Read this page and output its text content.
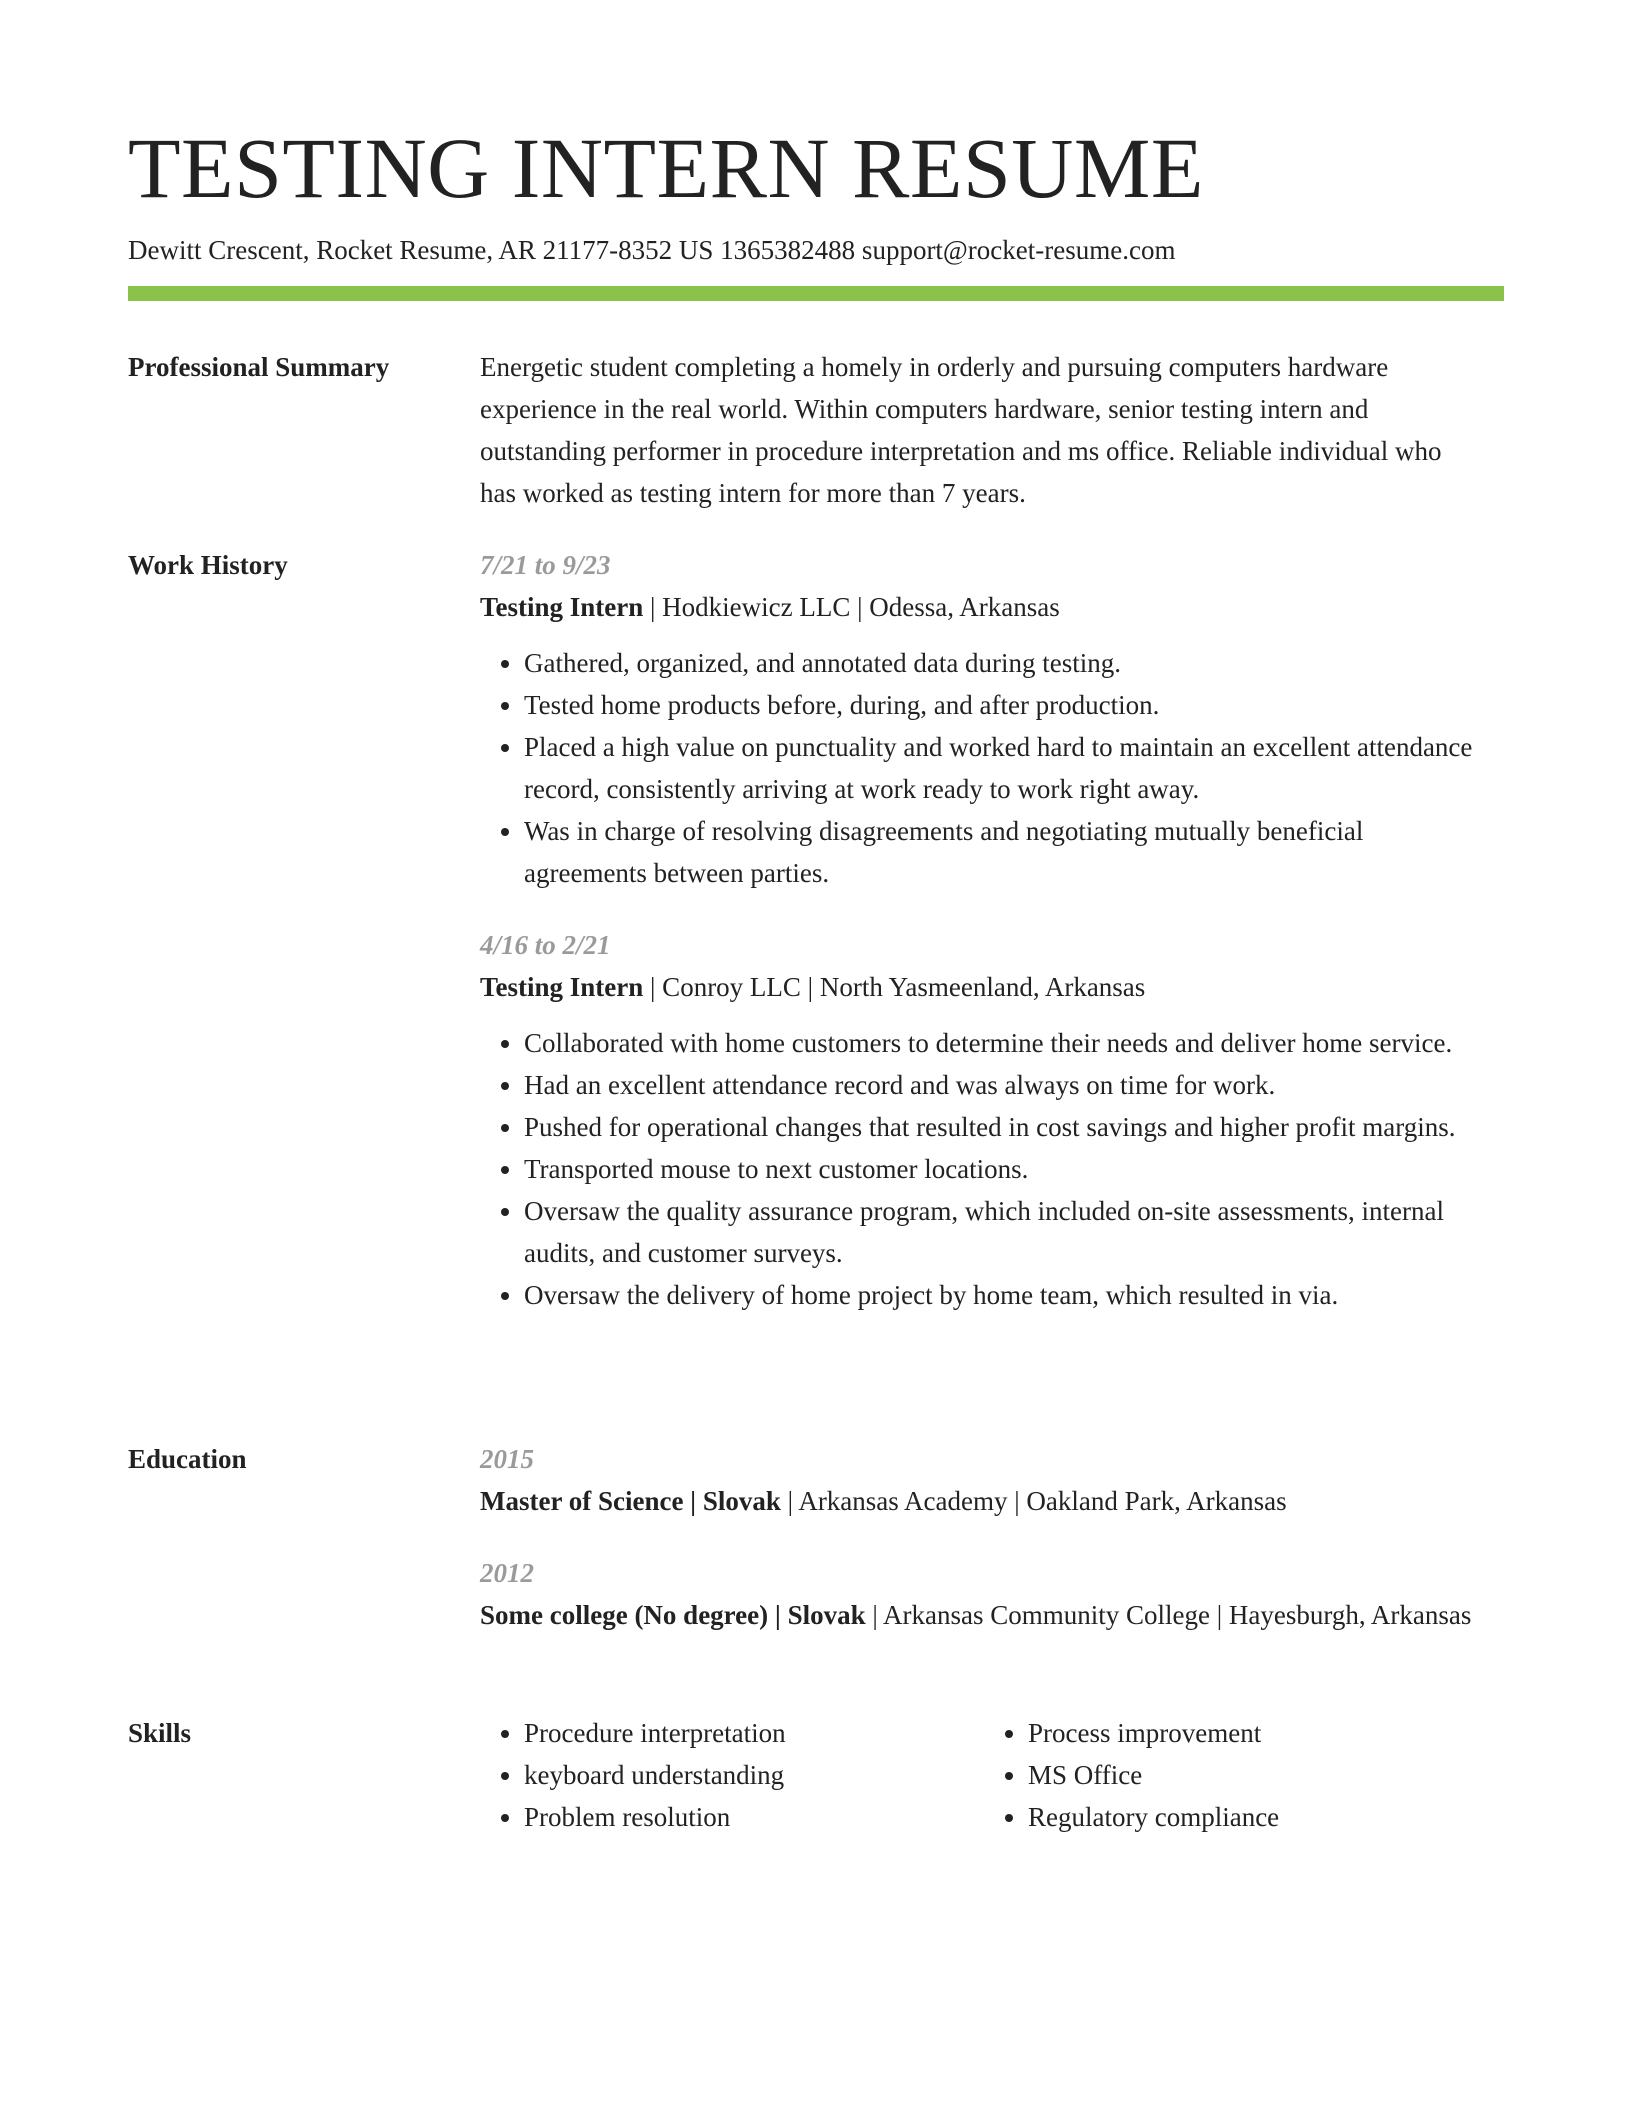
TESTING INTERN RESUME
Dewitt Crescent, Rocket Resume, AR 21177-8352 US 1365382488 support@rocket-resume.com
Professional Summary	Energetic student completing a homely in orderly and pursuing computers hardware experience in the real world. Within computers hardware, senior testing intern and outstanding performer in procedure interpretation and ms office. Reliable individual who has worked as testing intern for more than 7 years.

Work History	7/21 to 9/23
Testing Intern | Hodkiewicz LLC | Odessa, Arkansas
• Gathered, organized, and annotated data during testing.
• Tested home products before, during, and after production.
• Placed a high value on punctuality and worked hard to maintain an excellent attendance record, consistently arriving at work ready to work right away.
• Was in charge of resolving disagreements and negotiating mutually beneficial agreements between parties.
4/16 to 2/21
Testing Intern | Conroy LLC | North Yasmeenland, Arkansas
• Collaborated with home customers to determine their needs and deliver home service.
• Had an excellent attendance record and was always on time for work.
• Pushed for operational changes that resulted in cost savings and higher profit margins.
• Transported mouse to next customer locations.
• Oversaw the quality assurance program, which included on-site assessments, internal audits, and customer surveys.
• Oversaw the delivery of home project by home team, which resulted in via.
Education	2015
Master of Science | Slovak | Arkansas Academy | Oakland Park, Arkansas
2012
Some college (No degree) | Slovak | Arkansas Community College | Hayesburgh, Arkansas
Skills
•	Procedure interpretation
• keyboard understanding
• Problem resolution
• Process improvement
• MS Office
• Regulatory compliance
